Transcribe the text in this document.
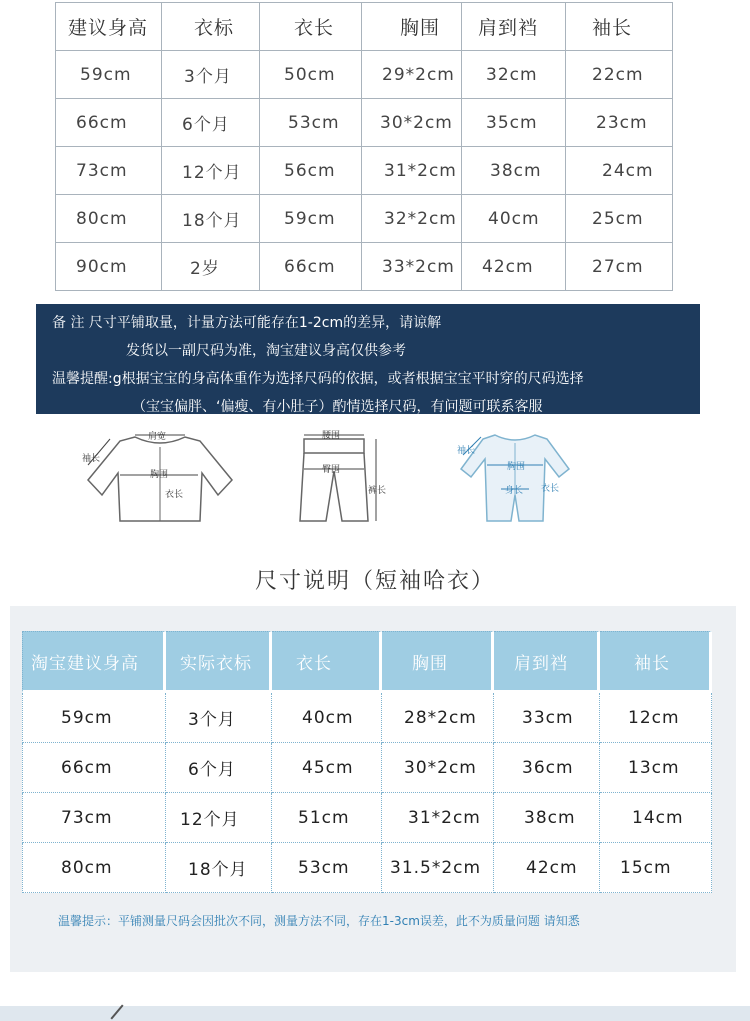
建议身高	衣标	衣长	胸围	肩到裆	袖长
59cm	3个月	50cm	29*2cm	32cm	22cm
66cm	6个月	53cm	30*2cm	35cm	23cm
73cm	12个月	56cm	31*2cm	38cm	24cm
80cm	18个月	59cm	32*2cm	40cm	25cm
90cm	2岁	66cm	33*2cm	42cm	27cm
备 注 尺寸平铺取量，计量方法可能存在1-2cm的差异，请谅解
发货以一副尺码为准，淘宝建议身高仅供参考
温馨提醒:g根据宝宝的身高体重作为选择尺码的依据，或者根据宝宝平时穿的尺码选择
（宝宝偏胖、‘偏瘦、有小肚子）酌情选择尺码，有问题可联系客服
肩宽
袖长
胸围
衣长
腰围
臀围
裤长
袖长
胸围
身长 衣长
尺寸说明（短袖哈衣）
淘宝建议身高	实际衣标	衣长	胸围	肩到裆	袖长
59cm	3个月	40cm	28*2cm	33cm	12cm
66cm	6个月	45cm	30*2cm	36cm	13cm
73cm	12个月	51cm	31*2cm	38cm	14cm
80cm	18个月	53cm	31.5*2cm	42cm	15cm
温馨提示：平铺测量尺码会因批次不同，测量方法不同，存在1-3cm误差，此不为质量问题 请知悉
